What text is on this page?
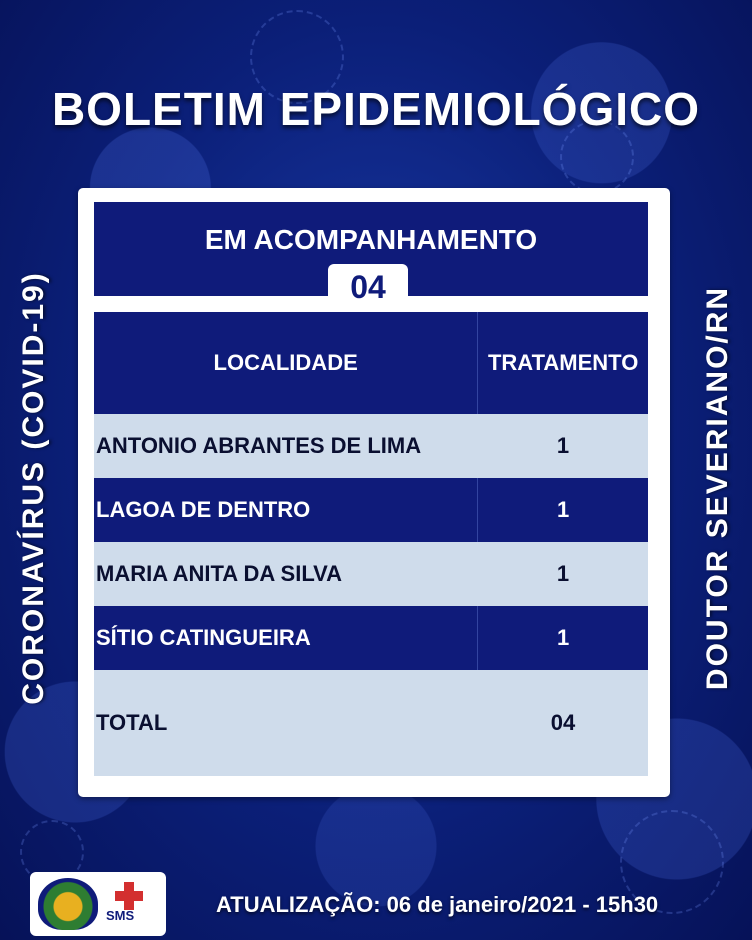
BOLETIM EPIDEMIOLÓGICO
CORONAVÍRUS (COVID-19)	DOUTOR SEVERIANO/RN
EM ACOMPANHAMENTO
04
LOCALIDADE	TRATAMENTO
ANTONIO ABRANTES DE LIMA	1
LAGOA DE DENTRO	1
MARIA ANITA DA SILVA	1
SÍTIO CATINGUEIRA	1
TOTAL	04
SMS	ATUALIZAÇÃO: 06 de janeiro/2021 - 15h30
